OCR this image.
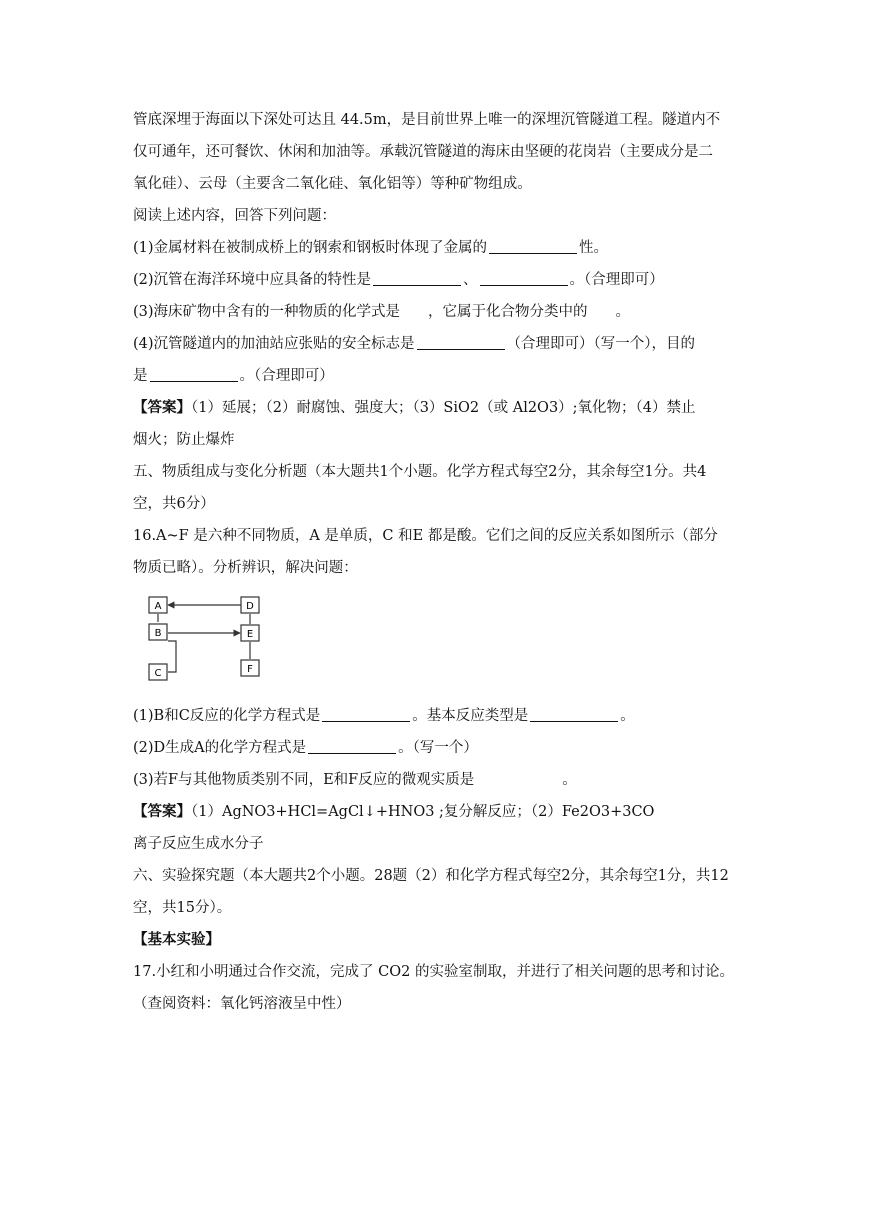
管底深埋于海面以下深处可达且 44.5m，是目前世界上唯一的深埋沉管隧道工程。隧道内不

仅可通年，还可餐饮、休闲和加油等。承载沉管隧道的海床由坚硬的花岗岩（主要成分是二

氧化硅）、云母（主要含二氧化硅、氧化铝等）等种矿物组成。

阅读上述内容，回答下列问题：

(1)金属材料在被制成桥上的钢索和钢板时体现了金属的	性。

(2)沉管在海洋环境中应具备的特性是	、	。（合理即可）

(3)海床矿物中含有的一种物质的化学式是 ，它属于化合物分类中的 。

(4)沉管隧道内的加油站应张贴的安全标志是	（合理即可）（写一个），目的

是	。（合理即可）

【答案】（1）延展；（2）耐腐蚀、强度大；（3）SiO2（或 Al2O3）;氧化物；（4）禁止

烟火；防止爆炸

五、物质组成与变化分析题（本大题共1个小题。化学方程式每空2分，其余每空1分。共4

空，共6分）

16.A~F 是六种不同物质，A 是单质，C 和E 都是酸。它们之间的反应关系如图所示（部分

物质已略）。分析辨识，解决问题：

A
B
C
D
E
F

(1)B和C反应的化学方程式是	。基本反应类型是	。

(2)D生成A的化学方程式是	。（写一个）

(3)若F与其他物质类别不同，E和F反应的微观实质是	。

【答案】（1）AgNO3+HCl=AgCl↓+HNO3 ;复分解反应；（2）Fe2O3+3CO

离子反应生成水分子

六、实验探究题（本大题共2个小题。28题（2）和化学方程式每空2分，其余每空1分，共12

空，共15分）。

【基本实验】

17.小红和小明通过合作交流，完成了 CO2 的实验室制取，并进行了相关问题的思考和讨论。

（查阅资料：氧化钙溶液呈中性）
